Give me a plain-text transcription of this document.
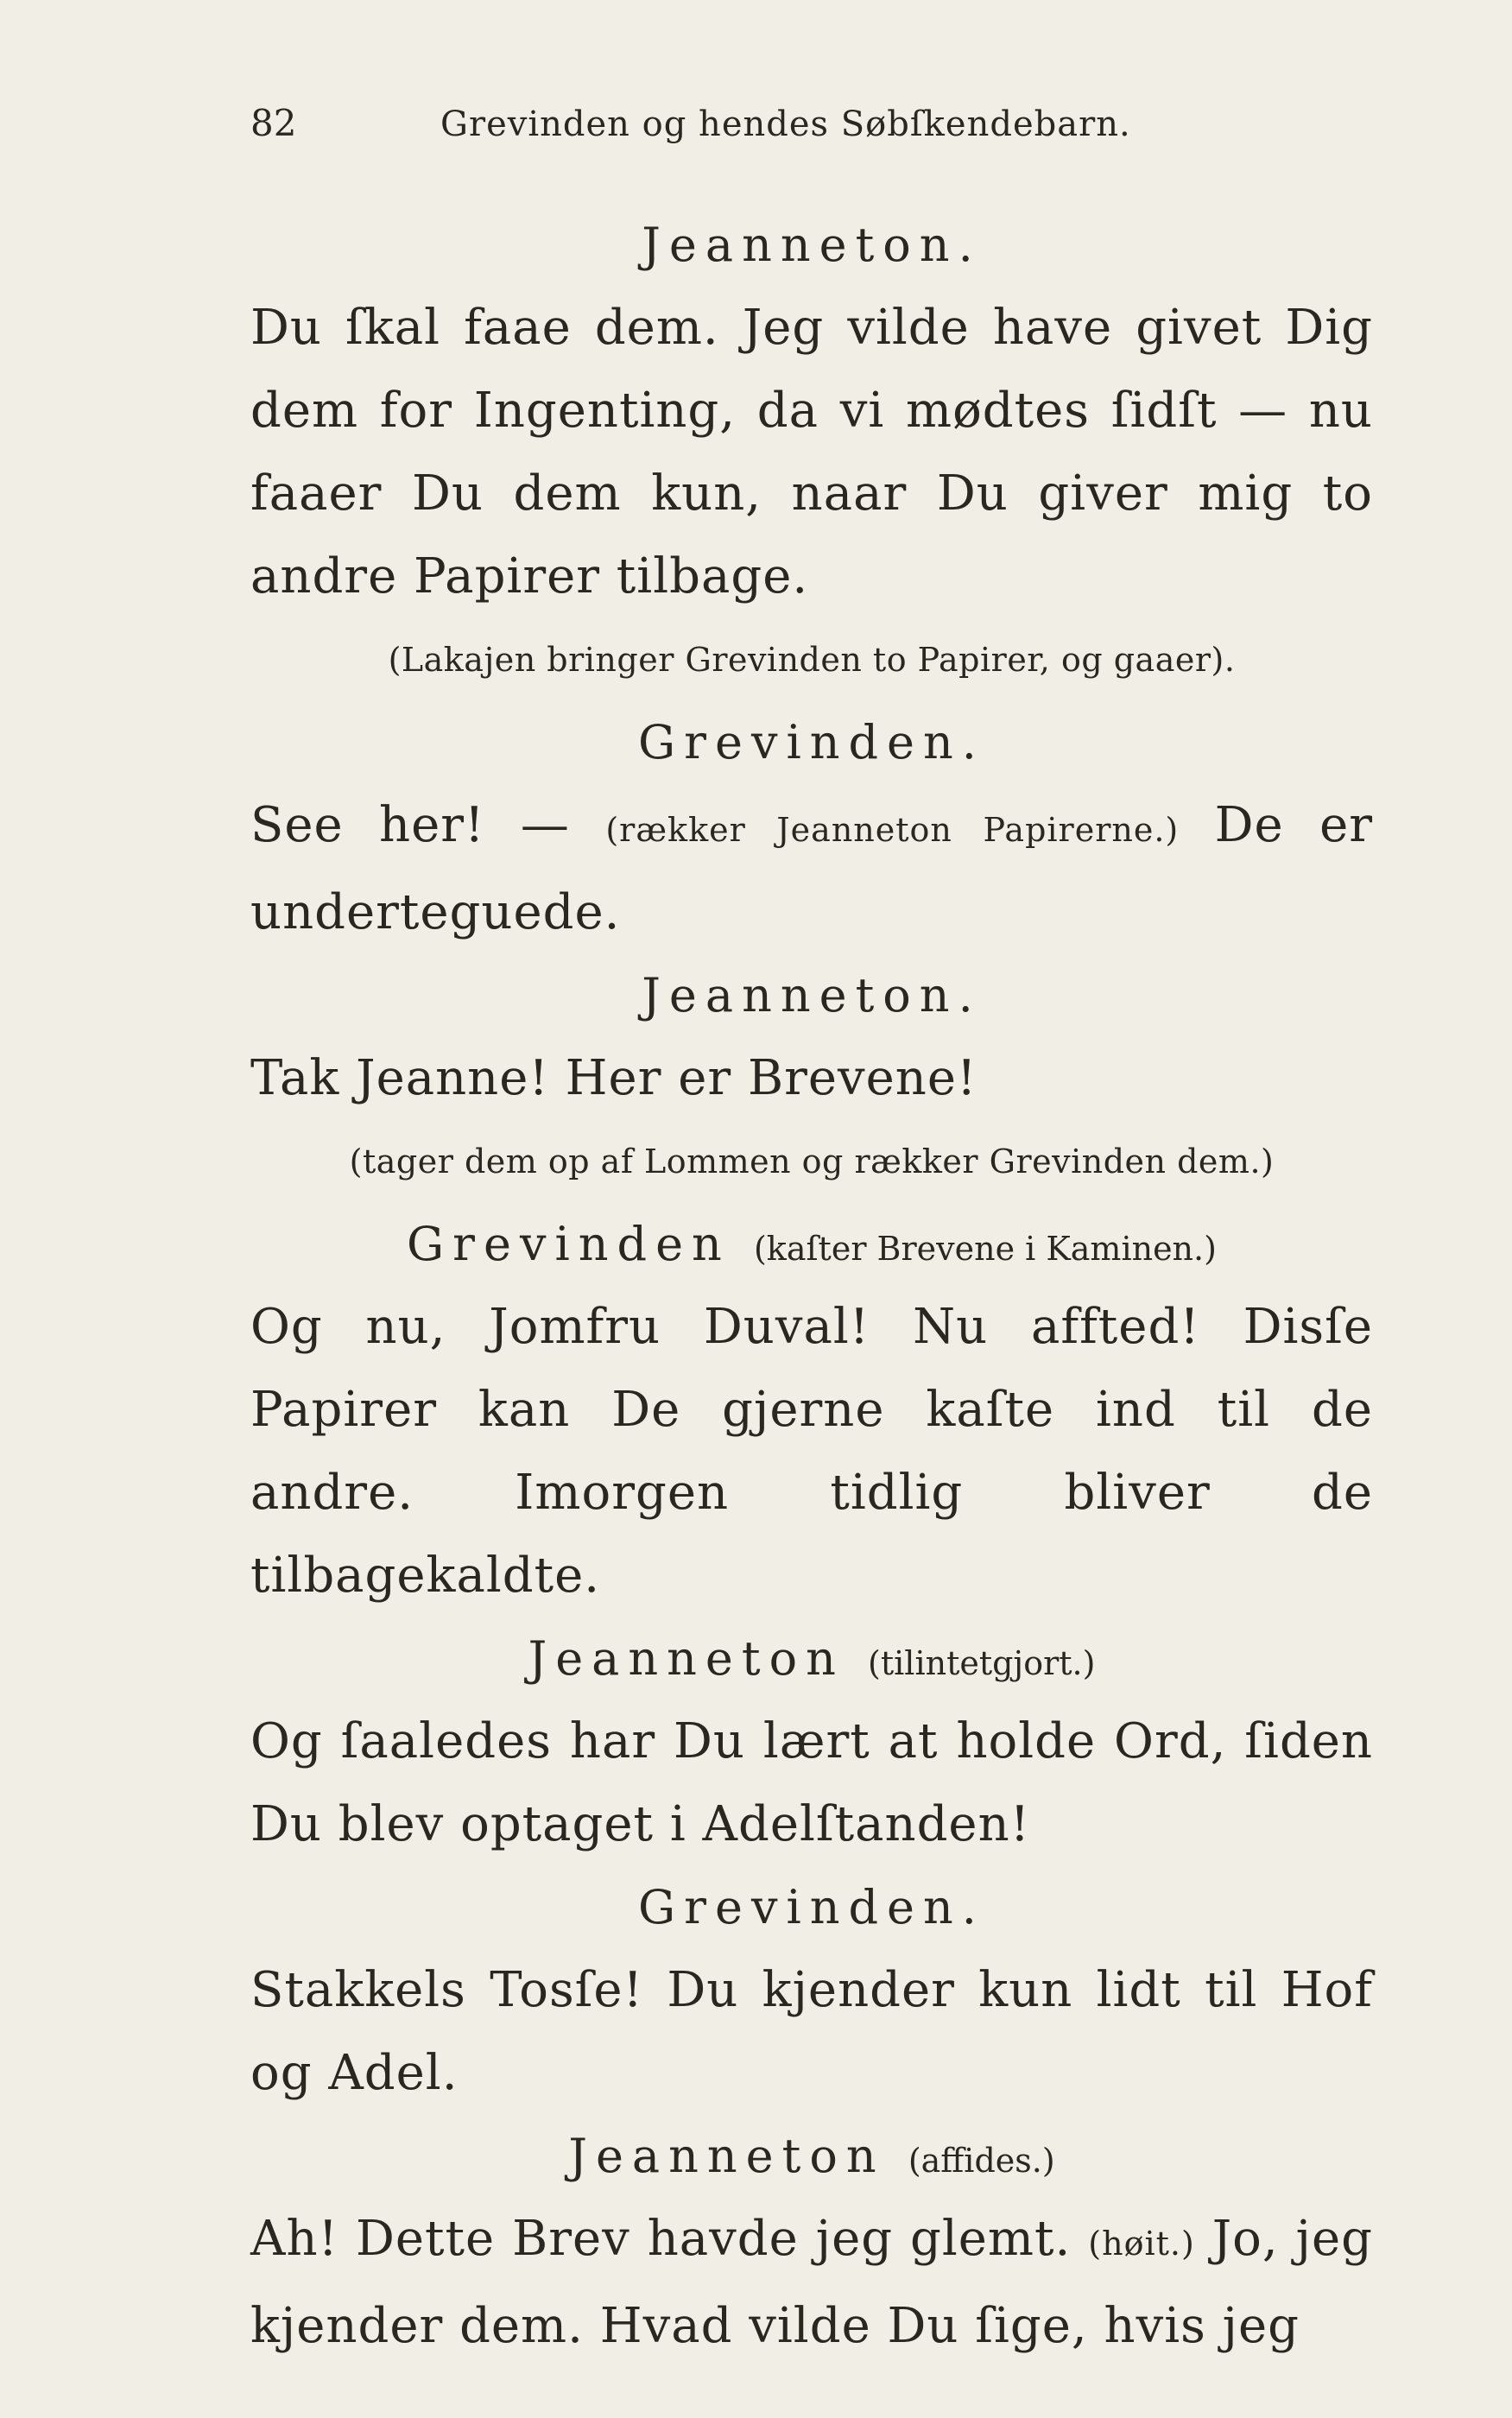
82	Grevinden og hendes Søbſkendebarn.
Jeanneton.
Du ſkal faae dem. Jeg vilde have givet Dig dem for Ingenting, da vi mødtes ſidſt — nu faaer Du dem kun, naar Du giver mig to andre Papirer tilbage.
(Lakajen bringer Grevinden to Papirer, og gaaer).
Grevinden.
See her! — (rækker Jeanneton Papirerne.) De er underteguede.
Jeanneton.
Tak Jeanne! Her er Brevene!
(tager dem op af Lommen og rækker Grevinden dem.)
Grevinden (kaſter Brevene i Kaminen.)
Og nu, Jomfru Duval! Nu affted! Disſe Papirer kan De gjerne kaſte ind til de andre. Imorgen tidlig bliver de tilbagekaldte.
Jeanneton (tilintetgjort.)
Og ſaaledes har Du lært at holde Ord, ſiden Du blev optaget i Adelſtanden!
Grevinden.
Stakkels Tosſe! Du kjender kun lidt til Hof og Adel.
Jeanneton (affides.)
Ah! Dette Brev havde jeg glemt. (høit.) Jo, jeg kjender dem. Hvad vilde Du ſige, hvis jeg
